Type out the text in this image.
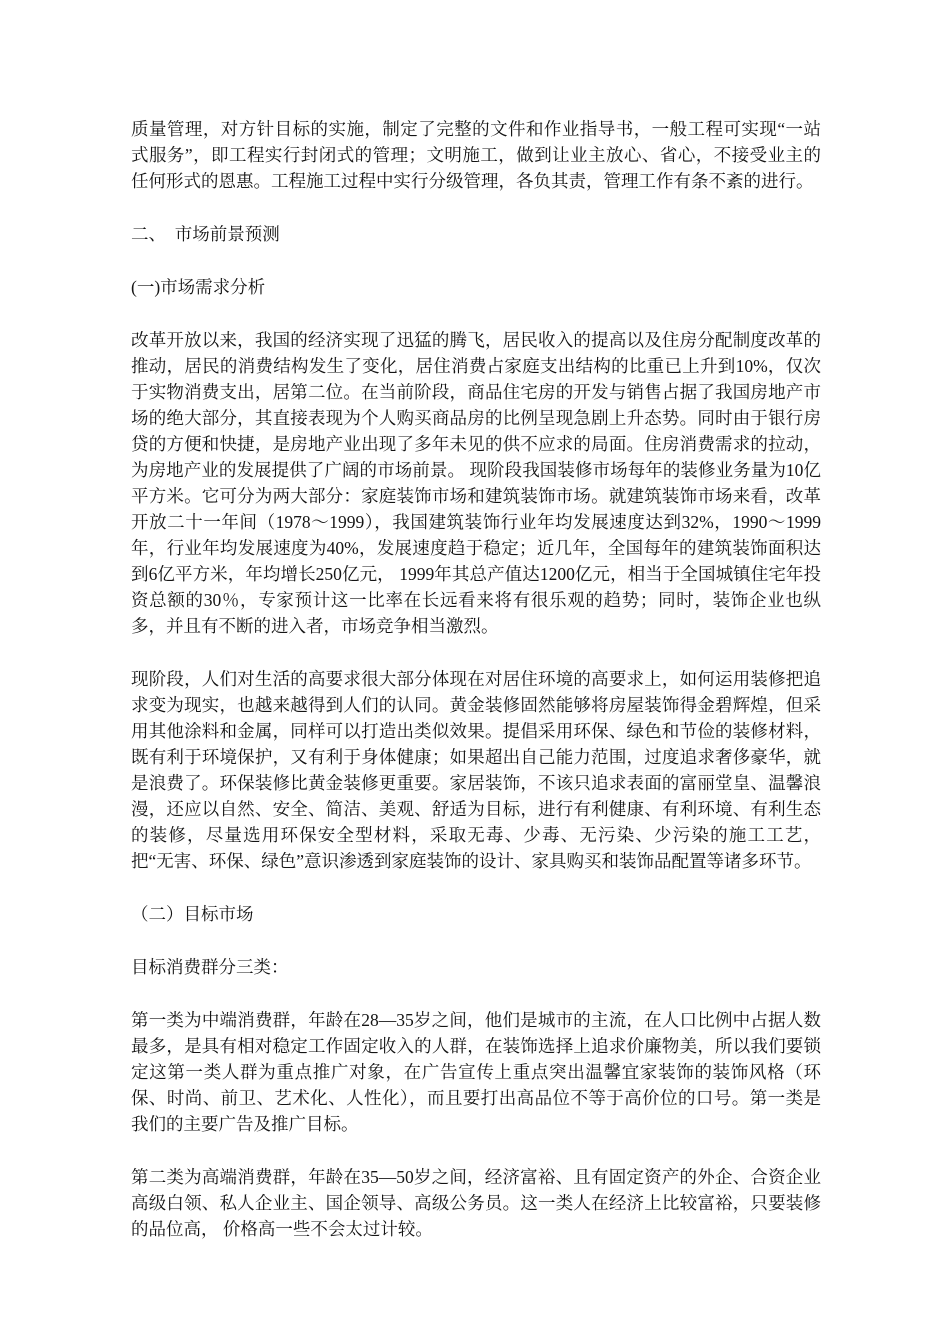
质量管理，对方针目标的实施，制定了完整的文件和作业指导书，一般工程可实现“一站式服务”，即工程实行封闭式的管理；文明施工，做到让业主放心、省心，不接受业主的任何形式的恩惠。工程施工过程中实行分级管理，各负其责，管理工作有条不紊的进行。

二、　市场前景预测

(一)市场需求分析

改革开放以来，我国的经济实现了迅猛的腾飞，居民收入的提高以及住房分配制度改革的推动，居民的消费结构发生了变化，居住消费占家庭支出结构的比重已上升到10%，仅次于实物消费支出，居第二位。在当前阶段，商品住宅房的开发与销售占据了我国房地产市场的绝大部分，其直接表现为个人购买商品房的比例呈现急剧上升态势。同时由于银行房贷的方便和快捷，是房地产业出现了多年未见的供不应求的局面。住房消费需求的拉动，为房地产业的发展提供了广阔的市场前景。 现阶段我国装修市场每年的装修业务量为10亿平方米。它可分为两大部分：家庭装饰市场和建筑装饰市场。就建筑装饰市场来看，改革开放二十一年间（1978～1999），我国建筑装饰行业年均发展速度达到32%，1990～1999年，行业年均发展速度为40%，发展速度趋于稳定；近几年，全国每年的建筑装饰面积达到6亿平方米，年均增长250亿元， 1999年其总产值达1200亿元，相当于全国城镇住宅年投资总额的30％，专家预计这一比率在长远看来将有很乐观的趋势；同时，装饰企业也纵多，并且有不断的进入者，市场竞争相当激烈。

现阶段，人们对生活的高要求很大部分体现在对居住环境的高要求上，如何运用装修把追求变为现实，也越来越得到人们的认同。黄金装修固然能够将房屋装饰得金碧辉煌，但采用其他涂料和金属，同样可以打造出类似效果。提倡采用环保、绿色和节俭的装修材料，既有利于环境保护，又有利于身体健康；如果超出自己能力范围，过度追求奢侈豪华，就是浪费了。环保装修比黄金装修更重要。家居装饰，不该只追求表面的富丽堂皇、温馨浪漫，还应以自然、安全、简洁、美观、舒适为目标，进行有利健康、有利环境、有利生态的装修，尽量选用环保安全型材料，采取无毒、少毒、无污染、少污染的施工工艺，把“无害、环保、绿色”意识渗透到家庭装饰的设计、家具购买和装饰品配置等诸多环节。

（二）目标市场

目标消费群分三类：

第一类为中端消费群，年龄在28—35岁之间，他们是城市的主流，在人口比例中占据人数最多，是具有相对稳定工作固定收入的人群，在装饰选择上追求价廉物美，所以我们要锁定这第一类人群为重点推广对象，在广告宣传上重点突出温馨宜家装饰的装饰风格（环保、时尚、前卫、艺术化、人性化），而且要打出高品位不等于高价位的口号。第一类是我们的主要广告及推广目标。

第二类为高端消费群，年龄在35—50岁之间，经济富裕、且有固定资产的外企、合资企业高级白领、私人企业主、国企领导、高级公务员。这一类人在经济上比较富裕，只要装修的品位高， 价格高一些不会太过计较。
